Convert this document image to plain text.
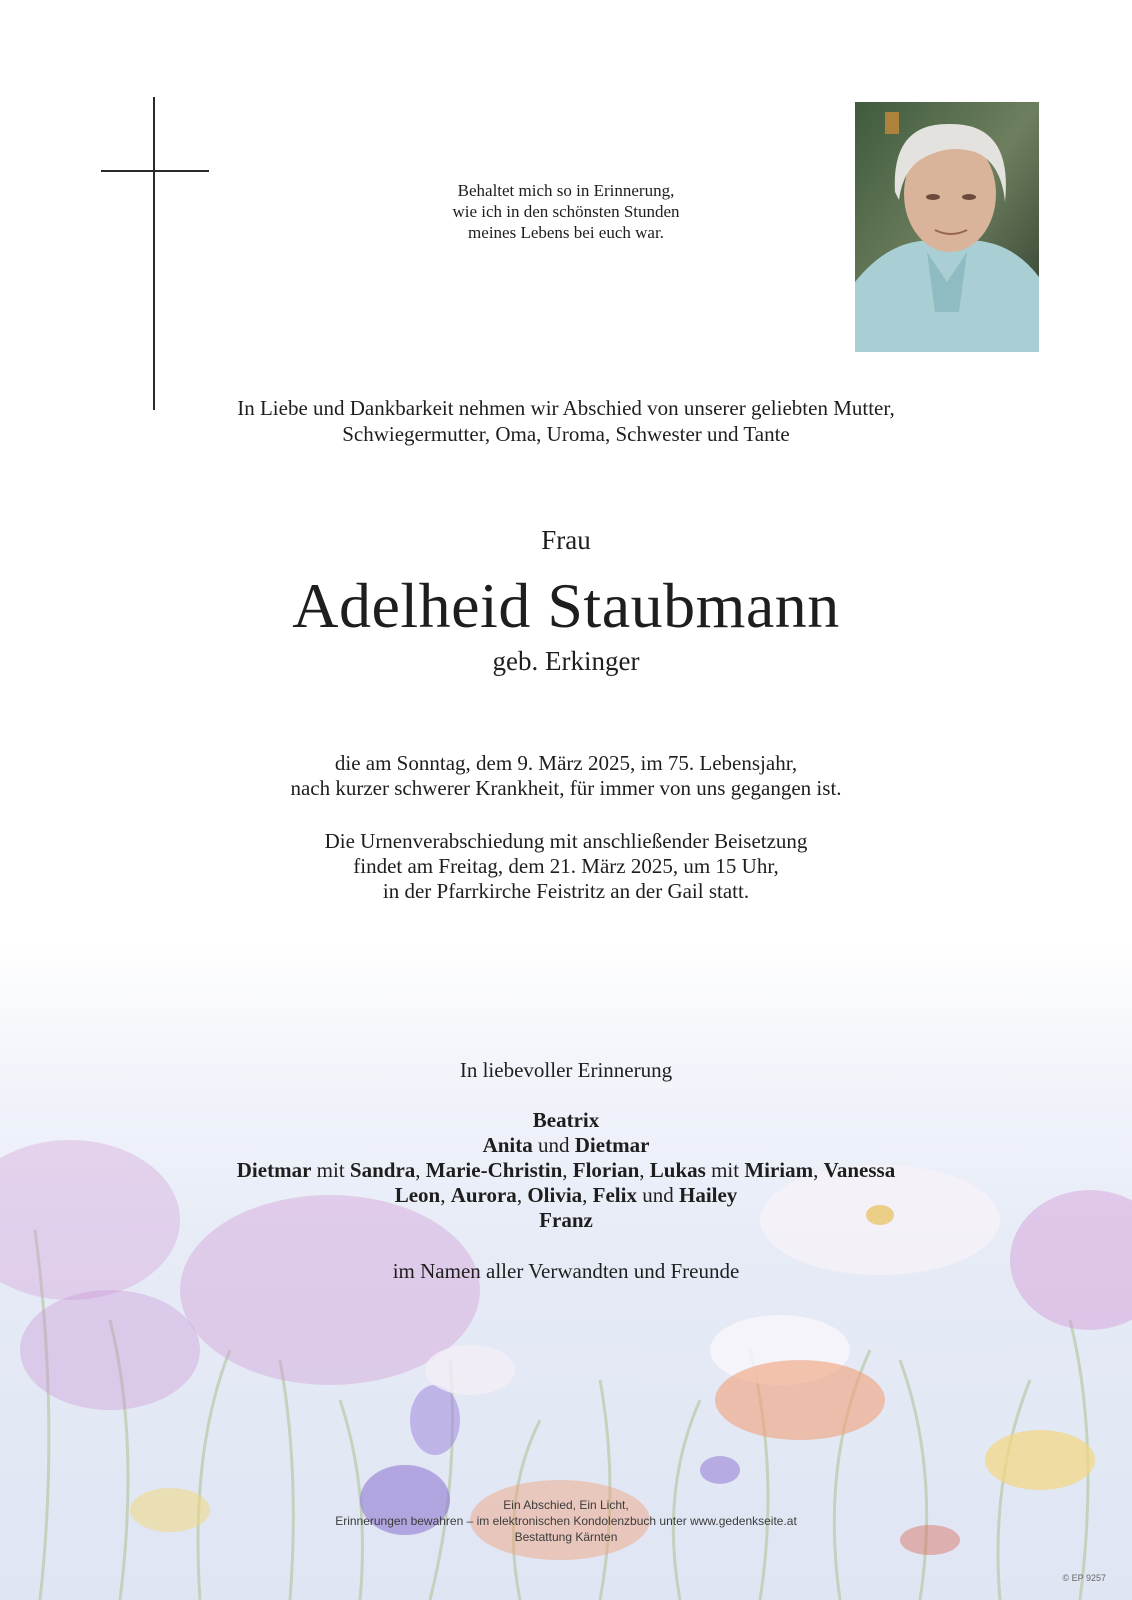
Behaltet mich so in Erinnerung,
wie ich in den schönsten Stunden
meines Lebens bei euch war.
In Liebe und Dankbarkeit nehmen wir Abschied von unserer geliebten Mutter,
Schwiegermutter, Oma, Uroma, Schwester und Tante
Frau
Adelheid Staubmann
geb. Erkinger
die am Sonntag, dem 9. März 2025, im 75. Lebensjahr,
nach kurzer schwerer Krankheit, für immer von uns gegangen ist.
Die Urnenverabschiedung mit anschließender Beisetzung
findet am Freitag, dem 21. März 2025, um 15 Uhr,
in der Pfarrkirche Feistritz an der Gail statt.
In liebevoller Erinnerung
Beatrix
Anita und Dietmar
Dietmar mit Sandra, Marie-Christin, Florian, Lukas mit Miriam, Vanessa
Leon, Aurora, Olivia, Felix und Hailey
Franz
im Namen aller Verwandten und Freunde
Ein Abschied, Ein Licht,
Erinnerungen bewahren – im elektronischen Kondolenzbuch unter www.gedenkseite.at
Bestattung Kärnten
© EP 9257
